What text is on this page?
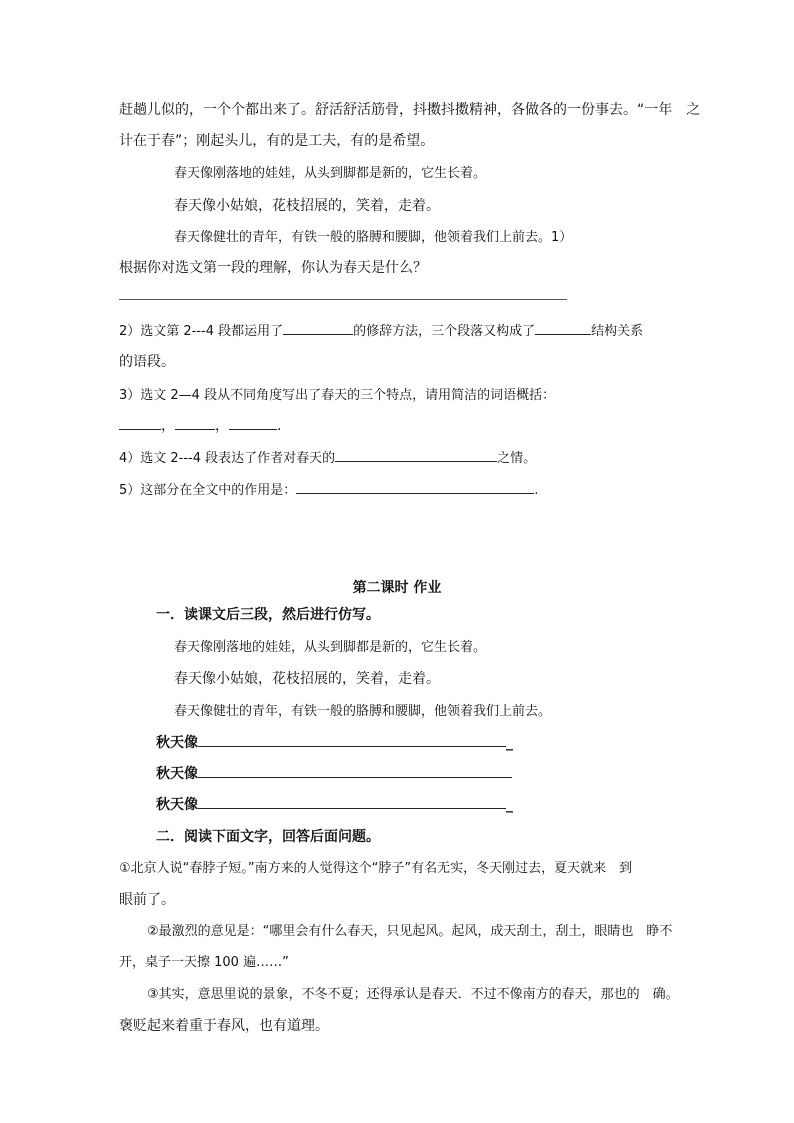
赶趟儿似的，一个个都出来了。舒活舒活筋骨，抖擞抖擞精神，各做各的一份事去。“一年　之
计在于春”；刚起头儿，有的是工夫，有的是希望。
春天像刚落地的娃娃，从头到脚都是新的，它生长着。
春天像小姑娘，花枝招展的，笑着，走着。
春天像健壮的青年，有铁一般的胳膊和腰脚，他领着我们上前去。1）
根据你对选文第一段的理解，你认为春天是什么？
2）选文第 2---4 段都运用了	的修辞方法，三个段落又构成了	结构关系
的语段。
3）选文 2—4 段从不同角度写出了春天的三个特点，请用简洁的词语概括：
，	，	.
4）选文 2---4 段表达了作者对春天的	之情。
5）这部分在全文中的作用是：	.
第二课时 作业
一．读课文后三段，然后进行仿写。
春天像刚落地的娃娃，从头到脚都是新的，它生长着。
春天像小姑娘，花枝招展的，笑着，走着。
春天像健壮的青年，有铁一般的胳膊和腰脚，他领着我们上前去。
秋天像	_
秋天像
秋天像	_
二．阅读下面文字，回答后面问题。
①北京人说“春脖子短。”南方来的人觉得这个“脖子”有名无实，冬天刚过去，夏天就来　到
眼前了。
②最激烈的意见是：“哪里会有什么春天，只见起风。起风，成天刮土，刮土，眼睛也　睁不
开，桌子一天擦 100 遍……”
③其实，意思里说的景象，不冬不夏；还得承认是春天．不过不像南方的春天，那也的　确。
褒贬起来着重于春风，也有道理。
